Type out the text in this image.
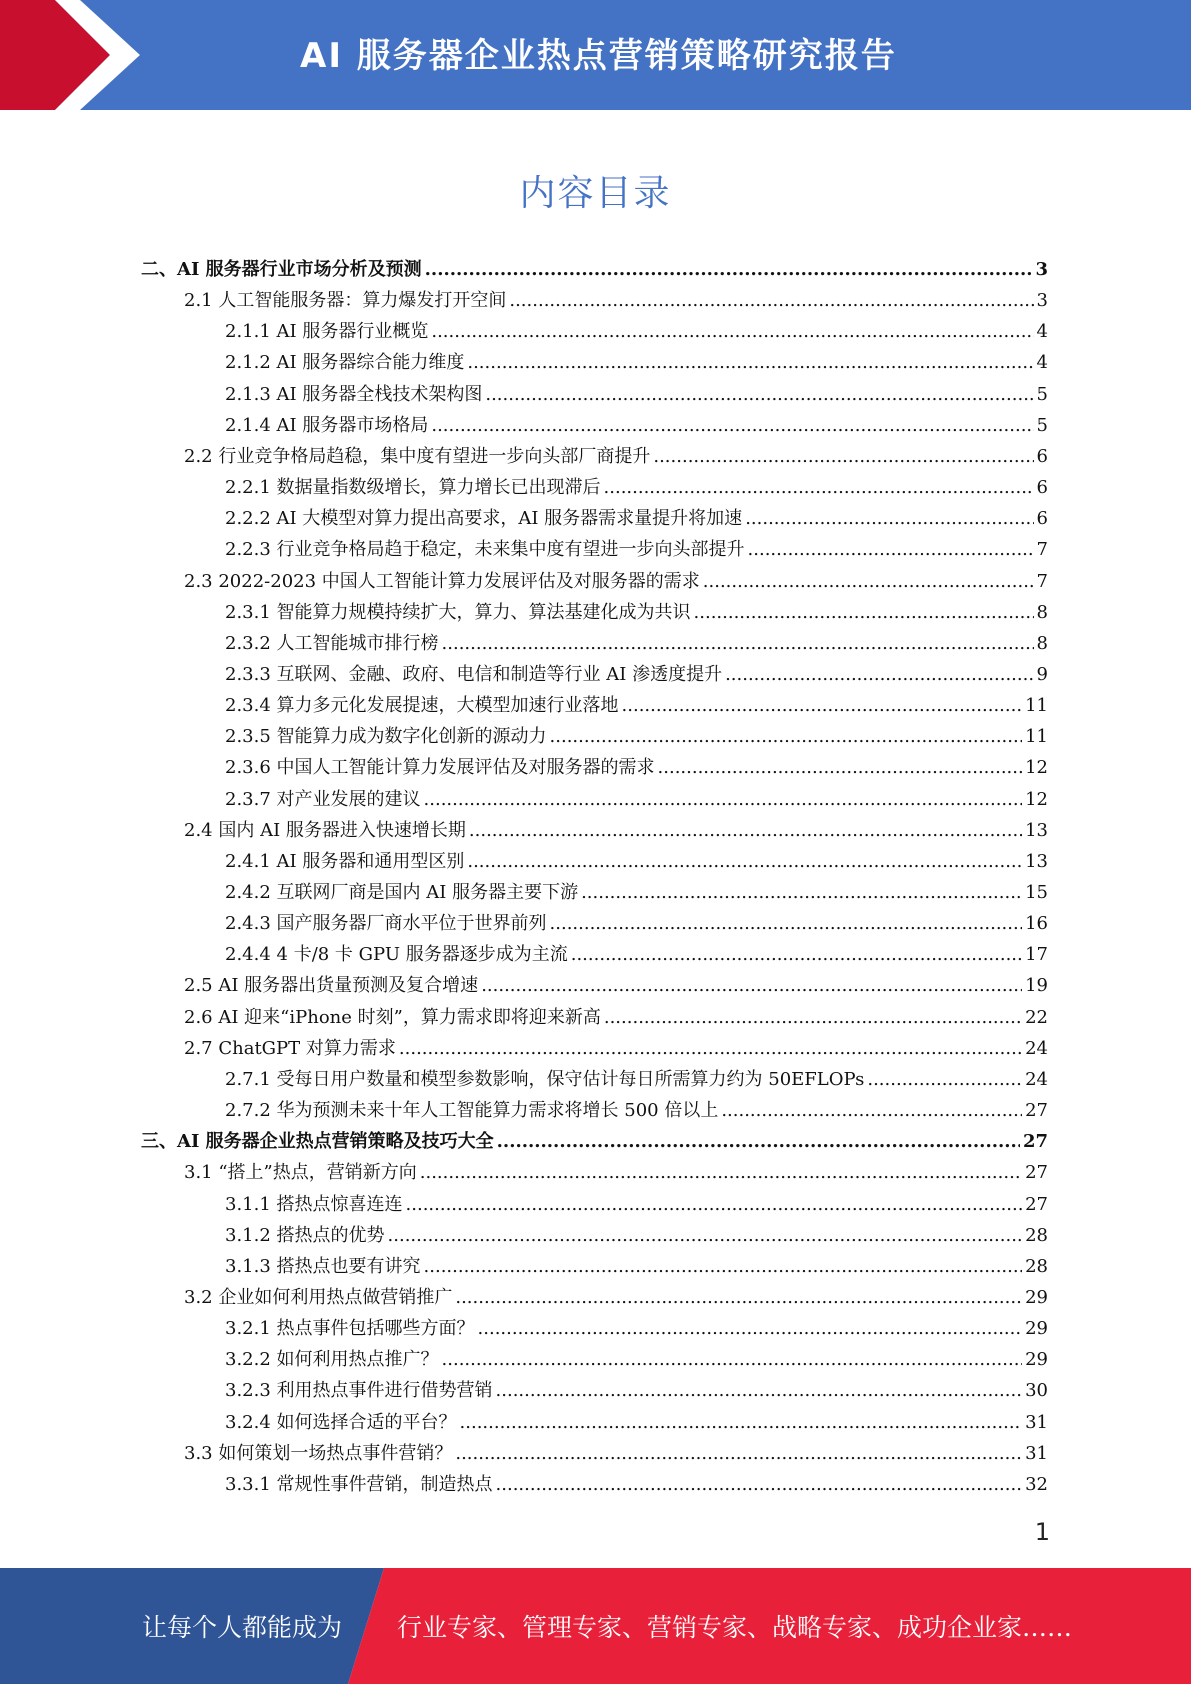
AI 服务器企业热点营销策略研究报告
内容目录
二、AI 服务器行业市场分析及预测 .....	3
2.1 人工智能服务器：算力爆发打开空间 .....	3
2.1.1 AI 服务器行业概览 .....	4
2.1.2 AI 服务器综合能力维度 .....	4
2.1.3 AI 服务器全栈技术架构图 .....	5
2.1.4 AI 服务器市场格局 .....	5
2.2 行业竞争格局趋稳，集中度有望进一步向头部厂商提升 .....	6
2.2.1 数据量指数级增长，算力增长已出现滞后 .....	6
2.2.2 AI 大模型对算力提出高要求，AI 服务器需求量提升将加速 .....	6
2.2.3 行业竞争格局趋于稳定，未来集中度有望进一步向头部提升 .....	7
2.3 2022-2023 中国人工智能计算力发展评估及对服务器的需求 .....	7
2.3.1 智能算力规模持续扩大，算力、算法基建化成为共识 .....	8
2.3.2 人工智能城市排行榜 .....	8
2.3.3 互联网、金融、政府、电信和制造等行业 AI 渗透度提升 .....	9
2.3.4 算力多元化发展提速，大模型加速行业落地 .....	11
2.3.5 智能算力成为数字化创新的源动力 .....	11
2.3.6 中国人工智能计算力发展评估及对服务器的需求 .....	12
2.3.7 对产业发展的建议 .....	12
2.4 国内 AI 服务器进入快速增长期 .....	13
2.4.1 AI 服务器和通用型区别 .....	13
2.4.2 互联网厂商是国内 AI 服务器主要下游 .....	15
2.4.3 国产服务器厂商水平位于世界前列 .....	16
2.4.4 4 卡/8 卡 GPU 服务器逐步成为主流 .....	17
2.5 AI 服务器出货量预测及复合增速 .....	19
2.6 AI 迎来“iPhone 时刻”，算力需求即将迎来新高 .....	22
2.7 ChatGPT 对算力需求 .....	24
2.7.1 受每日用户数量和模型参数影响，保守估计每日所需算力约为 50EFLOPs .....	24
2.7.2 华为预测未来十年人工智能算力需求将增长 500 倍以上 .....	27
三、AI 服务器企业热点营销策略及技巧大全 .....	27
3.1 “搭上”热点，营销新方向 .....	27
3.1.1 搭热点惊喜连连 .....	27
3.1.2 搭热点的优势 .....	28
3.1.3 搭热点也要有讲究 .....	28
3.2 企业如何利用热点做营销推广 .....	29
3.2.1 热点事件包括哪些方面？ .....	29
3.2.2 如何利用热点推广？ .....	29
3.2.3 利用热点事件进行借势营销 .....	30
3.2.4 如何选择合适的平台？ .....	31
3.3 如何策划一场热点事件营销？ .....	31
3.3.1 常规性事件营销，制造热点 .....	32
1
让每个人都能成为 行业专家、管理专家、营销专家、战略专家、成功企业家……
